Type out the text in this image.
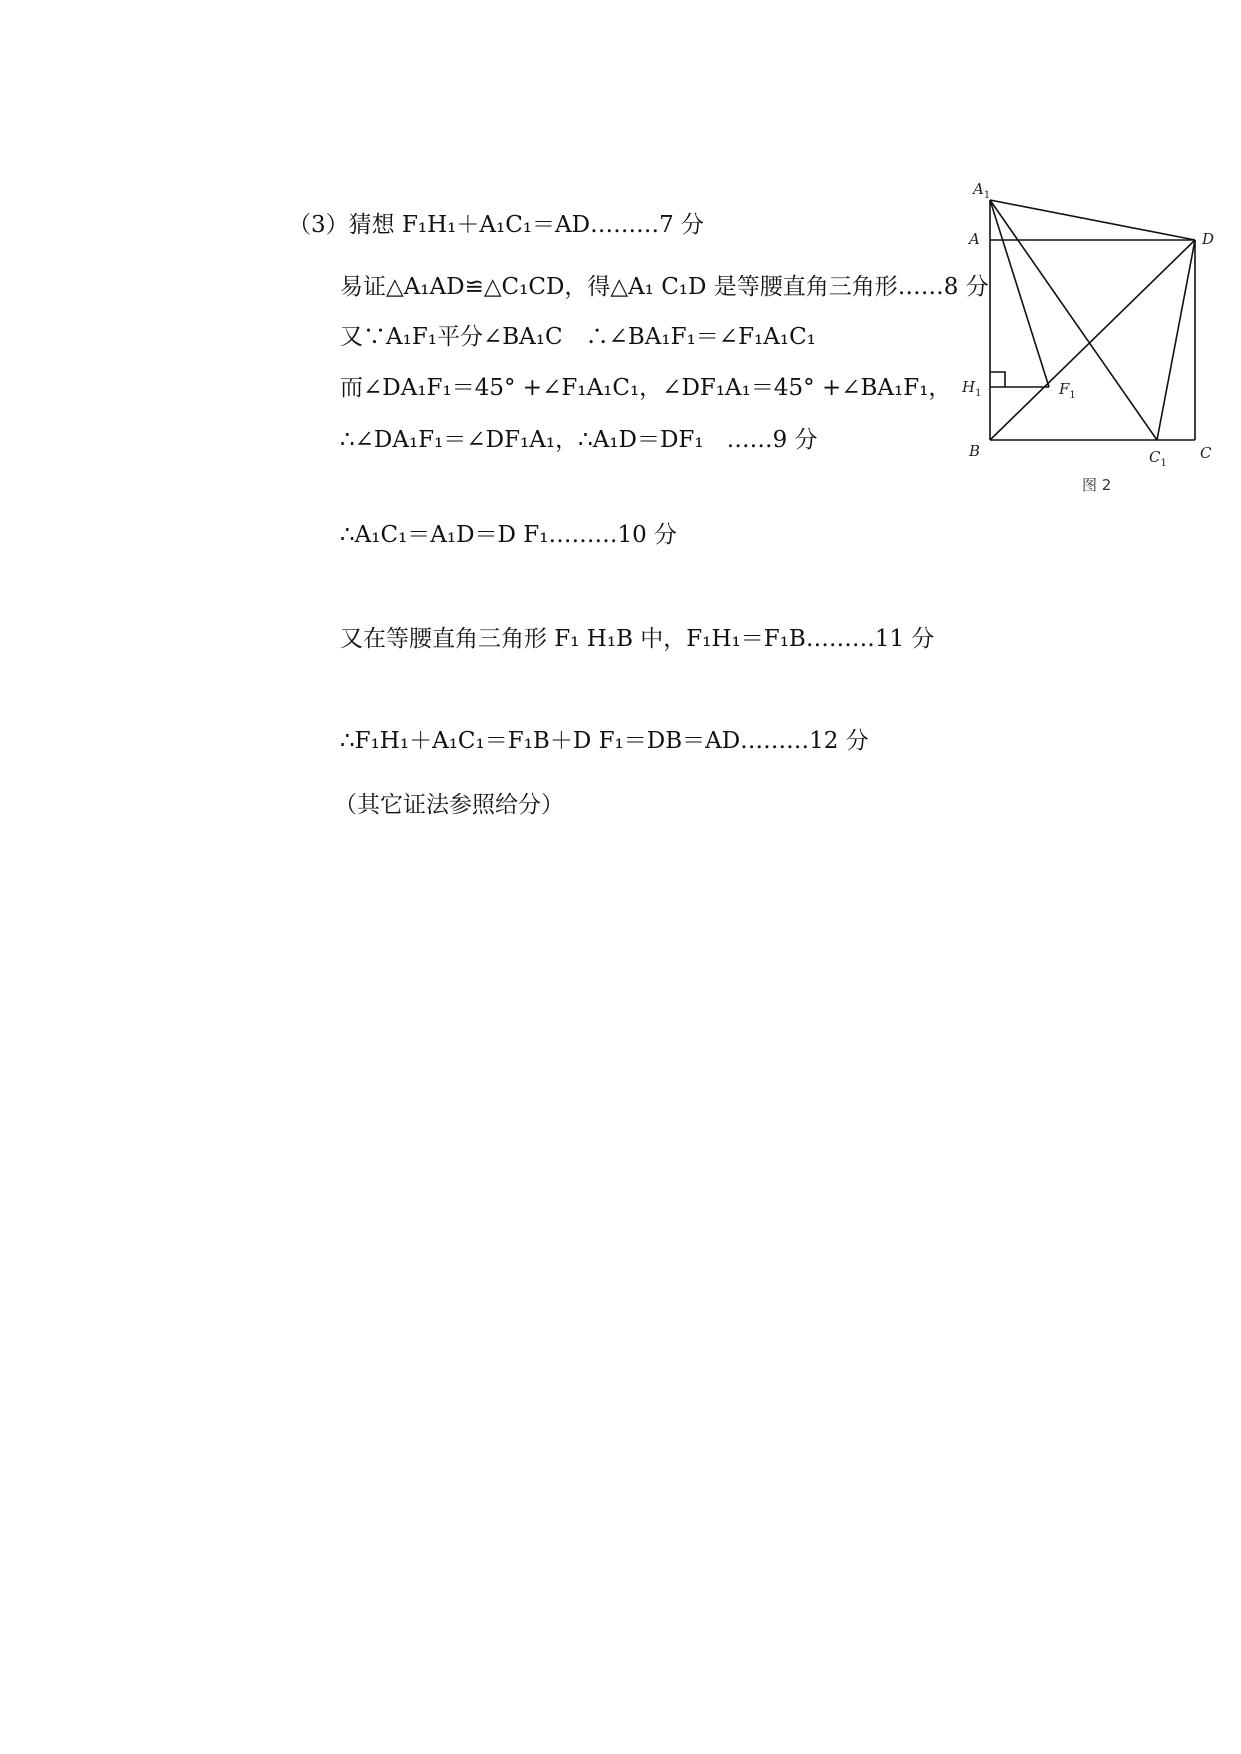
（3）猜想 F₁H₁＋A₁C₁＝AD………7 分
易证△A₁AD≌△C₁CD，得△A₁ C₁D 是等腰直角三角形……8 分
又∵A₁F₁平分∠BA₁C　∴∠BA₁F₁＝∠F₁A₁C₁
而∠DA₁F₁＝45° +∠F₁A₁C₁，∠DF₁A₁＝45° +∠BA₁F₁，
∴∠DA₁F₁＝∠DF₁A₁，∴A₁D＝DF₁　……9 分
∴A₁C₁＝A₁D＝D F₁………10 分
又在等腰直角三角形 F₁ H₁B 中，F₁H₁＝F₁B………11 分
∴F₁H₁＋A₁C₁＝F₁B＋D F₁＝DB＝AD………12 分
（其它证法参照给分）
$A_1$
A	D
$H_1$	$F_1$
B	$C_1$
C
图 2
